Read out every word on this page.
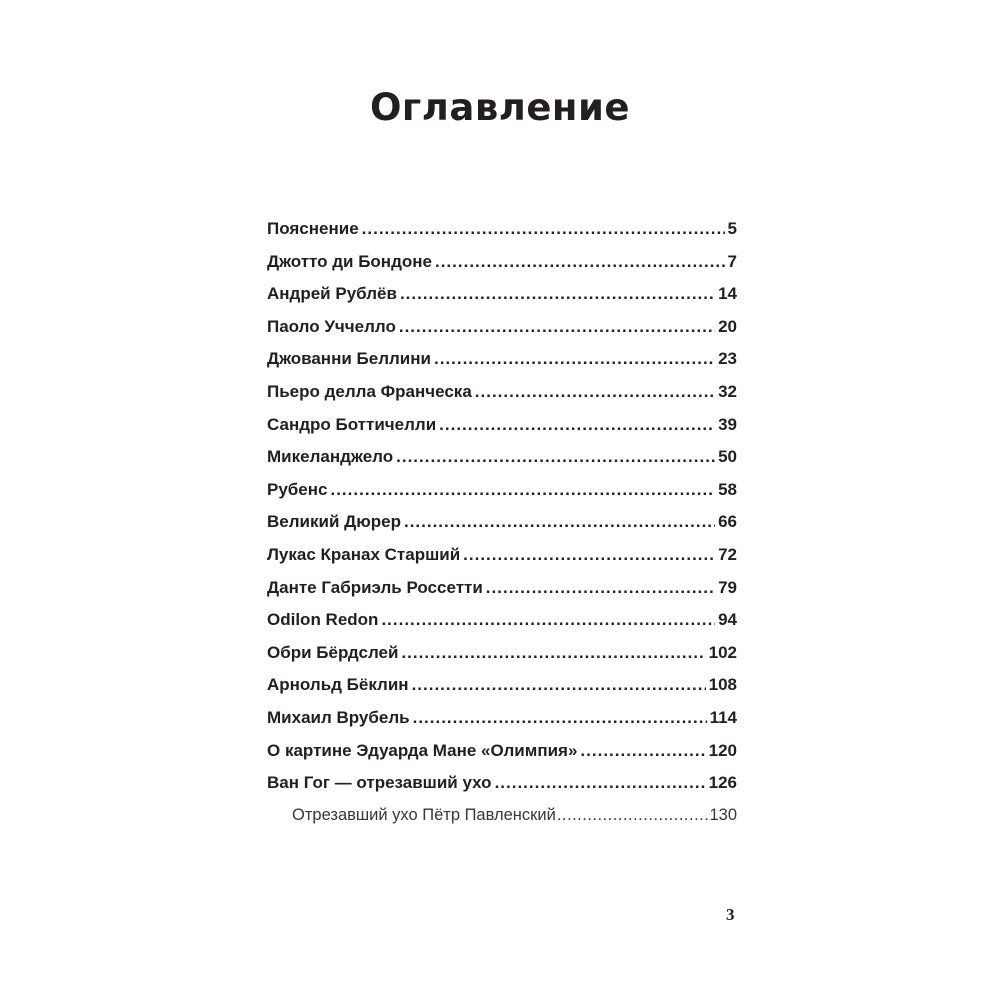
Оглавление
Пояснение .....	5
Джотто ди Бондоне .....	7
Андрей Рублёв .....	14
Паоло Уччелло .....	20
Джованни Беллини .....	23
Пьеро делла Франческа .....	32
Сандро Боттичелли .....	39
Микеланджело .....	50
Рубенс .....	58
Великий Дюрер .....	66
Лукас Кранах Старший .....	72
Данте Габриэль Россетти .....	79
Odilon Redon .....	94
Обри Бёрдслей .....	102
Арнольд Бёклин .....	108
Михаил Врубель .....	114
О картине Эдуарда Мане «Олимпия» .....	120
Ван Гог — отрезавший ухо .....	126
Отрезавший ухо Пётр Павленский .....	130
3
